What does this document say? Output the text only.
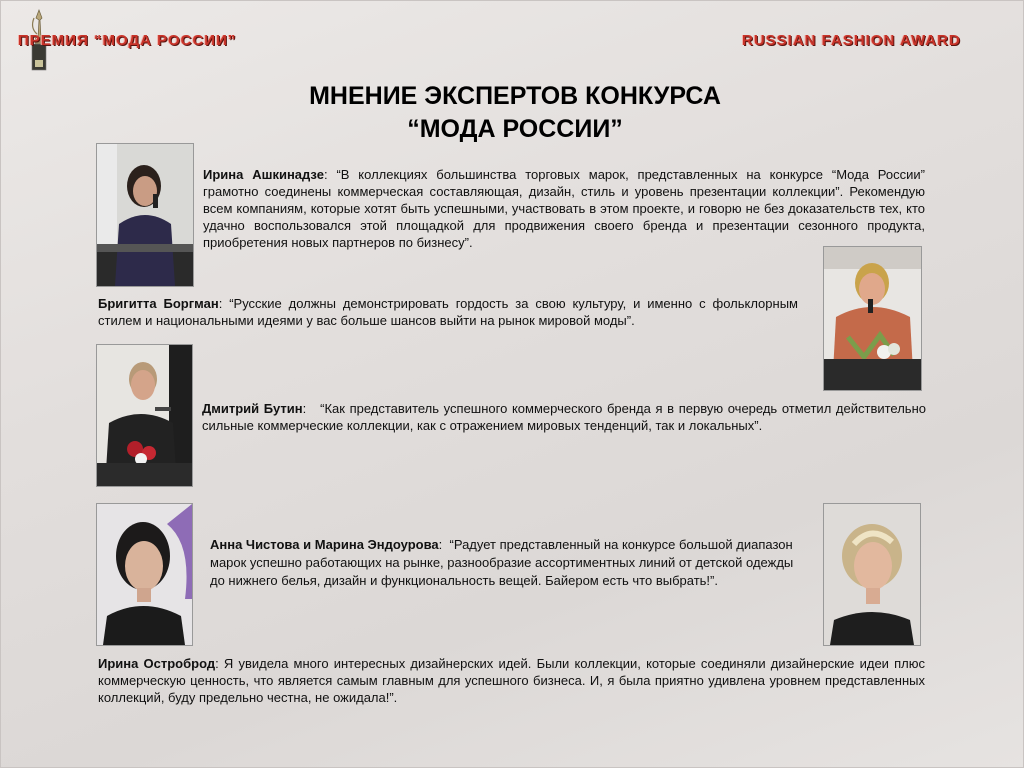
ПРЕМИЯ “МОДА РОССИИ”	RUSSIAN FASHION AWARD
МНЕНИЕ ЭКСПЕРТОВ КОНКУРСА
“МОДА РОССИИ”
Ирина Ашкинадзе: “В коллекциях большинства торговых марок, представленных на конкурсе “Мода России” грамотно соединены коммерческая составляющая, дизайн, стиль и уровень презентации коллекции”. Рекомендую всем компаниям, которые хотят быть успешными, участвовать в этом проекте, и говорю не без доказательств тех, кто удачно воспользовался этой площадкой для продвижения своего бренда и презентации сезонного продукта, приобретения новых партнеров по бизнесу”.
Бригитта Боргман: “Русские должны демонстрировать гордость за свою культуру, и именно с фольклорным стилем и национальными идеями у вас больше шансов выйти на рынок мировой моды”.
Дмитрий Бутин:   “Как представитель успешного коммерческого бренда я в первую очередь отметил действительно сильные коммерческие коллекции, как с отражением мировых тенденций, так и локальных”.
Анна Чистова и Марина Эндоурова:  “Радует представленный на конкурсе большой диапазон марок успешно работающих на рынке, разнообразие ассортиментных линий от детской одежды до нижнего белья, дизайн и функциональность вещей. Байером есть что выбрать!”.
Ирина Остроброд: Я увидела много интересных дизайнерских идей. Были коллекции, которые соединяли дизайнерские идеи плюс коммерческую ценность, что является самым главным для успешного бизнеса. И, я была приятно удивлена уровнем представленных коллекций, буду предельно честна, не ожидала!”.
